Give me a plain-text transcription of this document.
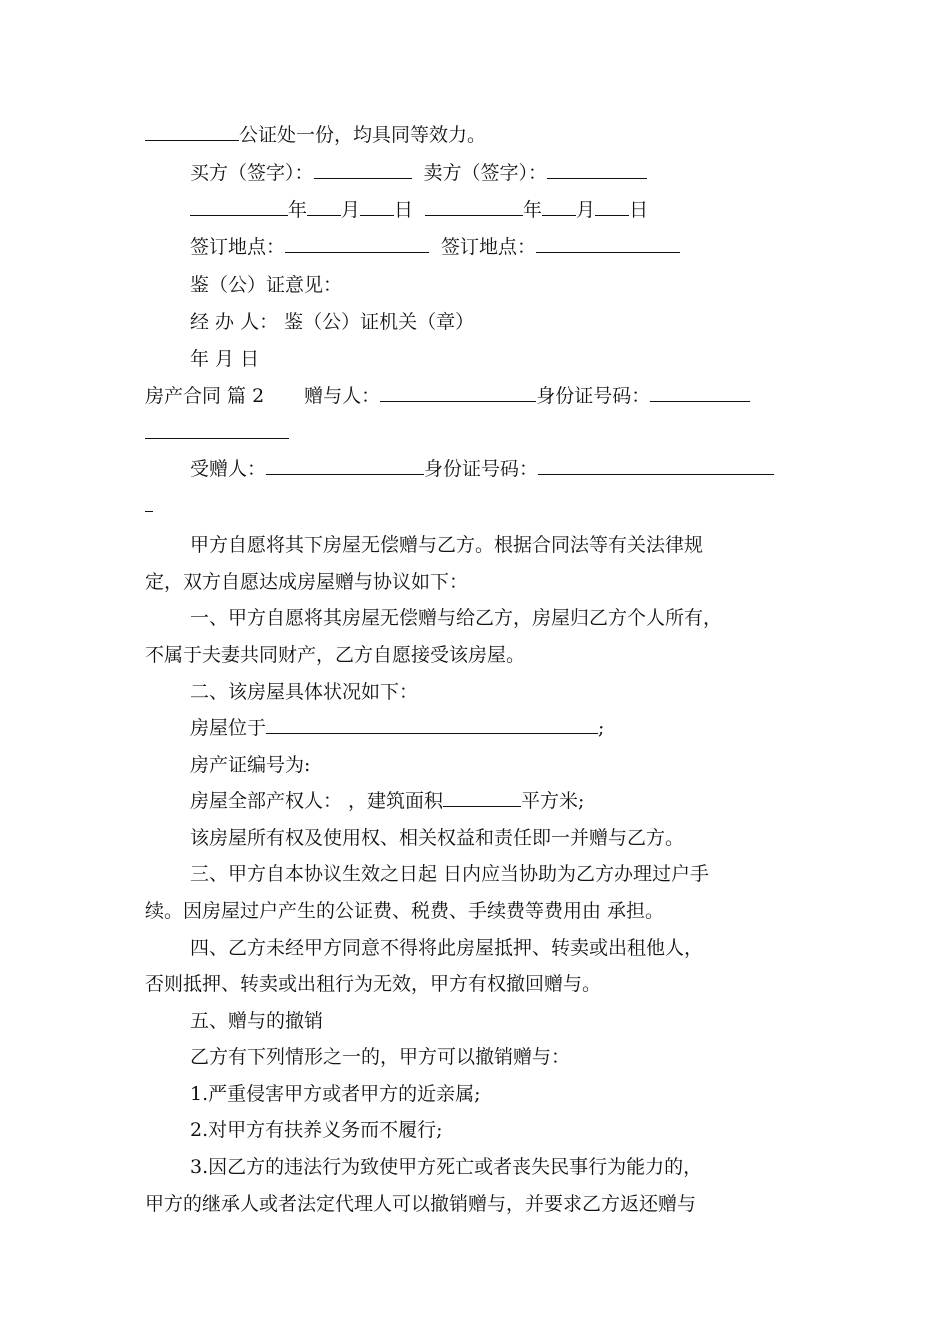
公证处一份，均具同等效力。
买方（签字）：	卖方（签字）：
年 月 日	年 月 日
签订地点：	签订地点：
鉴（公）证意见：
经 办 人： 鉴（公）证机关（章）
年 月 日
房产合同 篇 2 赠与人：	身份证号码：
受赠人：	身份证号码：
甲方自愿将其下房屋无偿赠与乙方。根据合同法等有关法律规
定，双方自愿达成房屋赠与协议如下：
一、甲方自愿将其房屋无偿赠与给乙方，房屋归乙方个人所有，
不属于夫妻共同财产，乙方自愿接受该房屋。
二、该房屋具体状况如下：
房屋位于	;
房产证编号为:
房屋全部产权人： ，建筑面积	平方米;
该房屋所有权及使用权、相关权益和责任即一并赠与乙方。
三、甲方自本协议生效之日起 日内应当协助为乙方办理过户手
续。因房屋过户产生的公证费、税费、手续费等费用由 承担。
四、乙方未经甲方同意不得将此房屋抵押、转卖或出租他人，
否则抵押、转卖或出租行为无效，甲方有权撤回赠与。
五、赠与的撤销
乙方有下列情形之一的，甲方可以撤销赠与：
1.严重侵害甲方或者甲方的近亲属;
2.对甲方有扶养义务而不履行;
3.因乙方的违法行为致使甲方死亡或者丧失民事行为能力的，
甲方的继承人或者法定代理人可以撤销赠与，并要求乙方返还赠与
